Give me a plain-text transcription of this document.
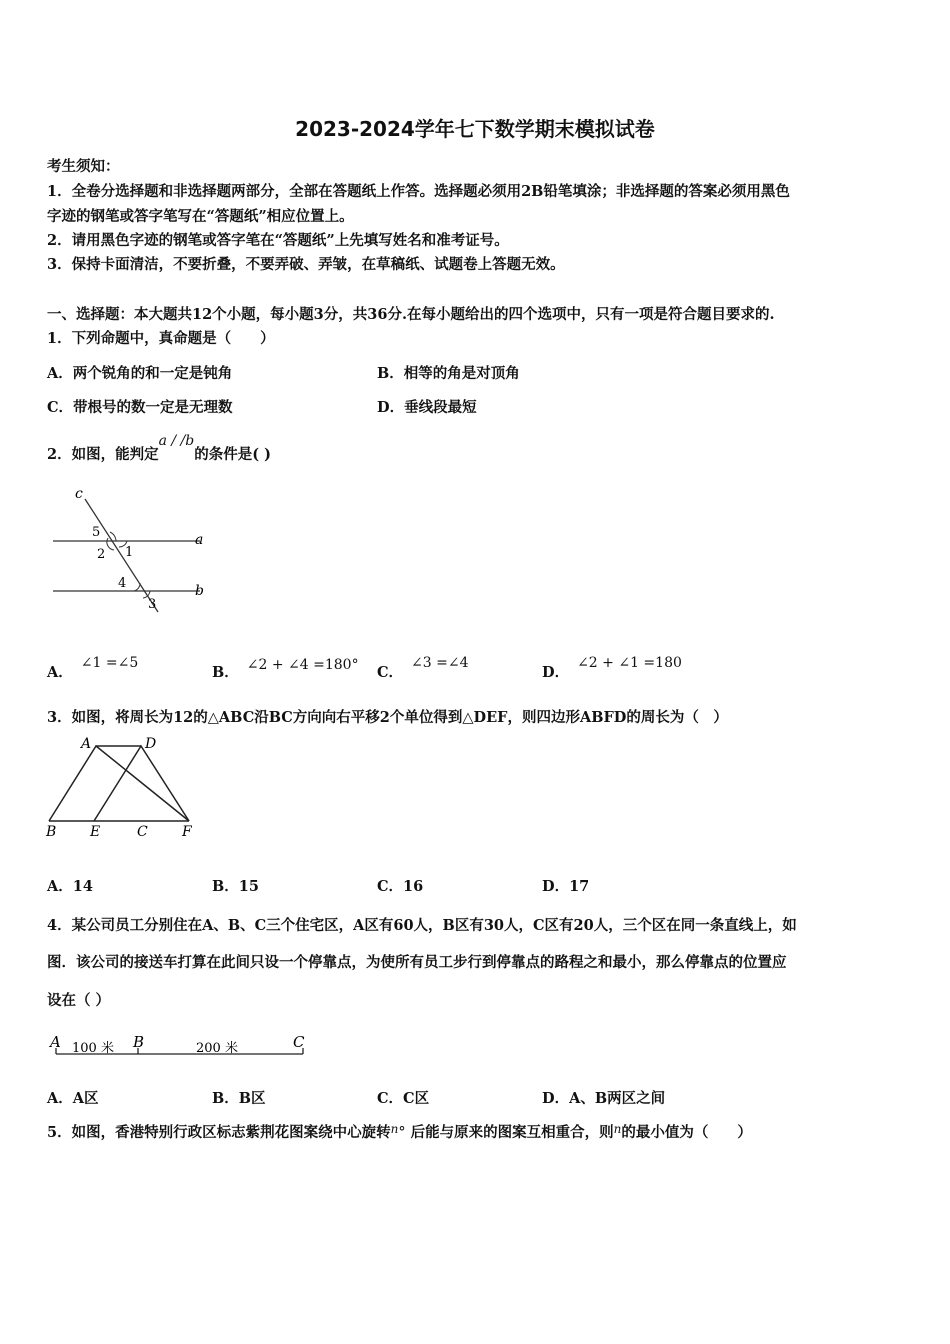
2023-2024学年七下数学期末模拟试卷
考生须知：
1．全卷分选择题和非选择题两部分，全部在答题纸上作答。选择题必须用2B铅笔填涂；非选择题的答案必须用黑色
字迹的钢笔或答字笔写在“答题纸”相应位置上。
2．请用黑色字迹的钢笔或答字笔在“答题纸”上先填写姓名和准考证号。
3．保持卡面清洁，不要折叠，不要弄破、弄皱，在草稿纸、试题卷上答题无效。
一、选择题：本大题共12个小题，每小题3分，共36分.在每小题给出的四个选项中，只有一项是符合题目要求的.
1．下列命题中，真命题是（　　）
A．两个锐角的和一定是钝角	B．相等的角是对顶角
C．带根号的数一定是无理数	D．垂线段最短
2．如图，能判定a / /b的条件是( )
c
a
b
5
2 1
4
3
A．∠1 =∠5
B． ∠2 + ∠4 =180° C．∠3 =∠4
D．∠2 + ∠1 =180
3．如图，将周长为12的△ABC沿BC方向向右平移2个单位得到△DEF，则四边形ABFD的周长为（　）
A	D
B E	C F
A．14	B．15	C．16	D．17
4．某公司员工分别住在A、B、C三个住宅区，A区有60人，B区有30人，C区有20人，三个区在同一条直线上，如
图．该公司的接送车打算在此间只设一个停靠点，为使所有员工步行到停靠点的路程之和最小，那么停靠点的位置应
设在（ ）
A 100 米 B	200 米	C
A．A区	B．B区	C．C区	D．A、B两区之间
5．如图，香港特别行政区标志紫荆花图案绕中心旋转$^n$° 后能与原来的图案互相重合，则$^n$的最小值为（　　）
